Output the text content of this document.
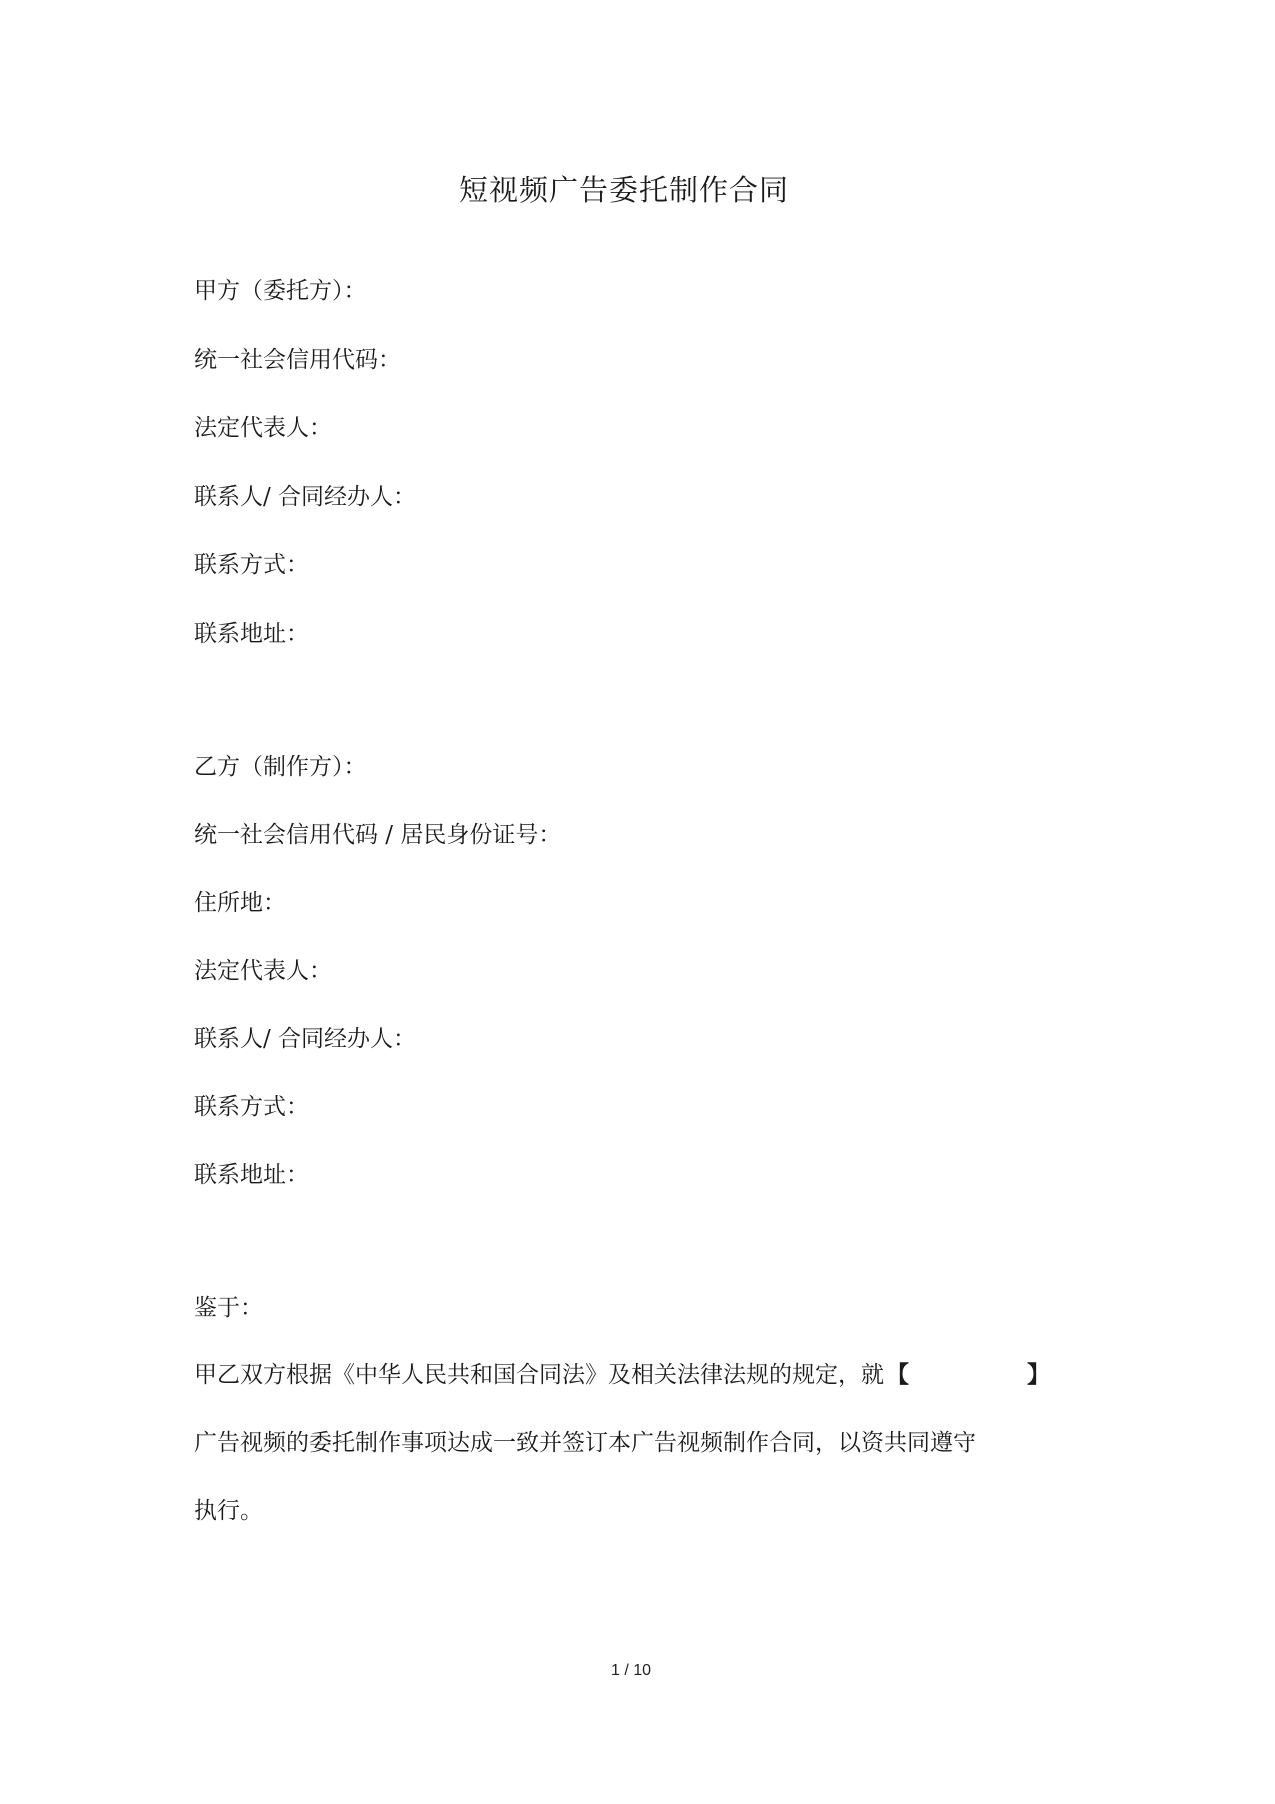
短视频广告委托制作合同
甲方（委托方）：
统一社会信用代码：
法定代表人：
联系人/ 合同经办人：
联系方式：
联系地址：
乙方（制作方）：
统一社会信用代码 / 居民身份证号：
住所地：
法定代表人：
联系人/ 合同经办人：
联系方式：
联系地址：
鉴于：
甲乙双方根据《中华人民共和国合同法》及相关法律法规的规定，就【	】
广告视频的委托制作事项达成一致并签订本广告视频制作合同，以资共同遵守
执行。
1 / 10
